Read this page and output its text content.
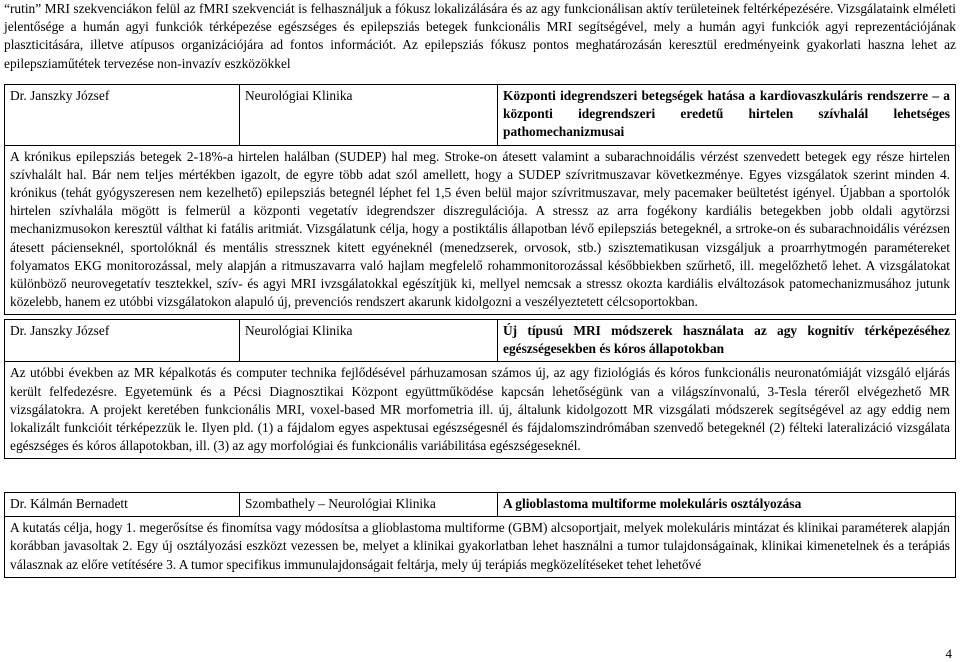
“rutin” MRI szekvenciákon felül az fMRI szekvenciát is felhasználjuk a fókusz lokalizálására és az agy funkcionálisan aktív területeinek feltérképezésére. Vizsgálataink elméleti jelentősége a humán agyi funkciók térképezése egészséges és epilepsziás betegek funkcionális MRI segítségével, mely a humán agyi funkciók agyi reprezentációjának plaszticitására, illetve atípusos organizációjára ad fontos információt. Az epilepsziás fókusz pontos meghatározásán keresztül eredményeink gyakorlati haszna lehet az epilepsziaműtétek tervezése non-invazív eszközökkel

Dr. Janszky József	Neurológiai Klinika	Központi idegrendszeri betegségek hatása a kardiovaszkuláris rendszerre – a központi idegrendszeri eredetű hirtelen szívhalál lehetséges pathomechanizmusai
A krónikus epilepsziás betegek 2-18%-a hirtelen halálban (SUDEP) hal meg. Stroke-on átesett valamint a subarachnoidális vérzést szenvedett betegek egy része hirtelen szívhalált hal. Bár nem teljes mértékben igazolt, de egyre több adat szól amellett, hogy a SUDEP szívritmuszavar következménye. Egyes vizsgálatok szerint minden 4. krónikus (tehát gyógyszeresen nem kezelhető) epilepsziás betegnél léphet fel 1,5 éven belül major szívritmuszavar, mely pacemaker beültetést igényel. Újabban a sportolók hirtelen szívhalála mögött is felmerül a központi vegetatív idegrendszer diszregulációja. A stressz az arra fogékony kardiális betegekben jobb oldali agytörzsi mechanizmusokon keresztül válthat ki fatális aritmiát. Vizsgálatunk célja, hogy a postiktális állapotban lévő epilepsziás betegeknél, a srtroke-on és subarachnoidális vérézsen átesett pácienseknél, sportolóknál és mentális stressznek kitett egyéneknél (menedzserek, orvosok, stb.) szisztematikusan vizsgáljuk a proarrhytmogén paramétereket folyamatos EKG monitorozással, mely alapján a ritmuszavarra való hajlam megfelelő rohammonitorozással későbbiekben szűrhető, ill. megelőzhető lehet. A vizsgálatokat különböző neurovegetatív tesztekkel, szív- és agyi MRI ivzsgálatokkal egészítjük ki, mellyel nemcsak a stressz okozta kardiális elváltozások patomechanizmusához jutunk közelebb, hanem ez utóbbi vizsgálatokon alapuló új, prevenciós rendszert akarunk kidolgozni a veszélyeztetett célcsoportokban.
Dr. Janszky József	Neurológiai Klinika	Új típusú MRI módszerek használata az agy kognitív térképezéséhez egészségesekben és kóros állapotokban
Az utóbbi években az MR képalkotás és computer technika fejlődésével párhuzamosan számos új, az agy fiziológiás és kóros funkcionális neuronatómiáját vizsgáló eljárás került felfedezésre. Egyetemünk és a Pécsi Diagnosztikai Központ együttműködése kapcsán lehetőségünk van a világszínvonalú, 3-Tesla téreről elvégezhető MR vizsgálatokra. A projekt keretében funkcionális MRI, voxel-based MR morfometria ill. új, általunk kidolgozott MR vizsgálati módszerek segítségével az agy eddig nem lokalizált funkcióit térképezzük le. Ilyen pld. (1) a fájdalom egyes aspektusai egészségesnél és fájdalomszindrómában szenvedő betegeknél (2) félteki lateralizáció vizsgálata egészséges és kóros állapotokban, ill. (3) az agy morfológiai és funkcionális variábilitása egészségeseknél.
Dr. Kálmán Bernadett	Szombathely – Neurológiai Klinika	A glioblastoma multiforme molekuláris osztályozása
A kutatás célja, hogy 1. megerősítse és finomítsa vagy módosítsa a glioblastoma multiforme (GBM) alcsoportjait, melyek molekuláris mintázat és klinikai paraméterek alapján korábban javasoltak 2. Egy új osztályozási eszközt vezessen be, melyet a klinikai gyakorlatban lehet használni a tumor tulajdonságainak, klinikai kimenetelnek és a terápiás válasznak az előre vetítésére 3. A tumor specifikus immunulajdonságait feltárja, mely új terápiás megközelítéseket tehet lehetővé
4
